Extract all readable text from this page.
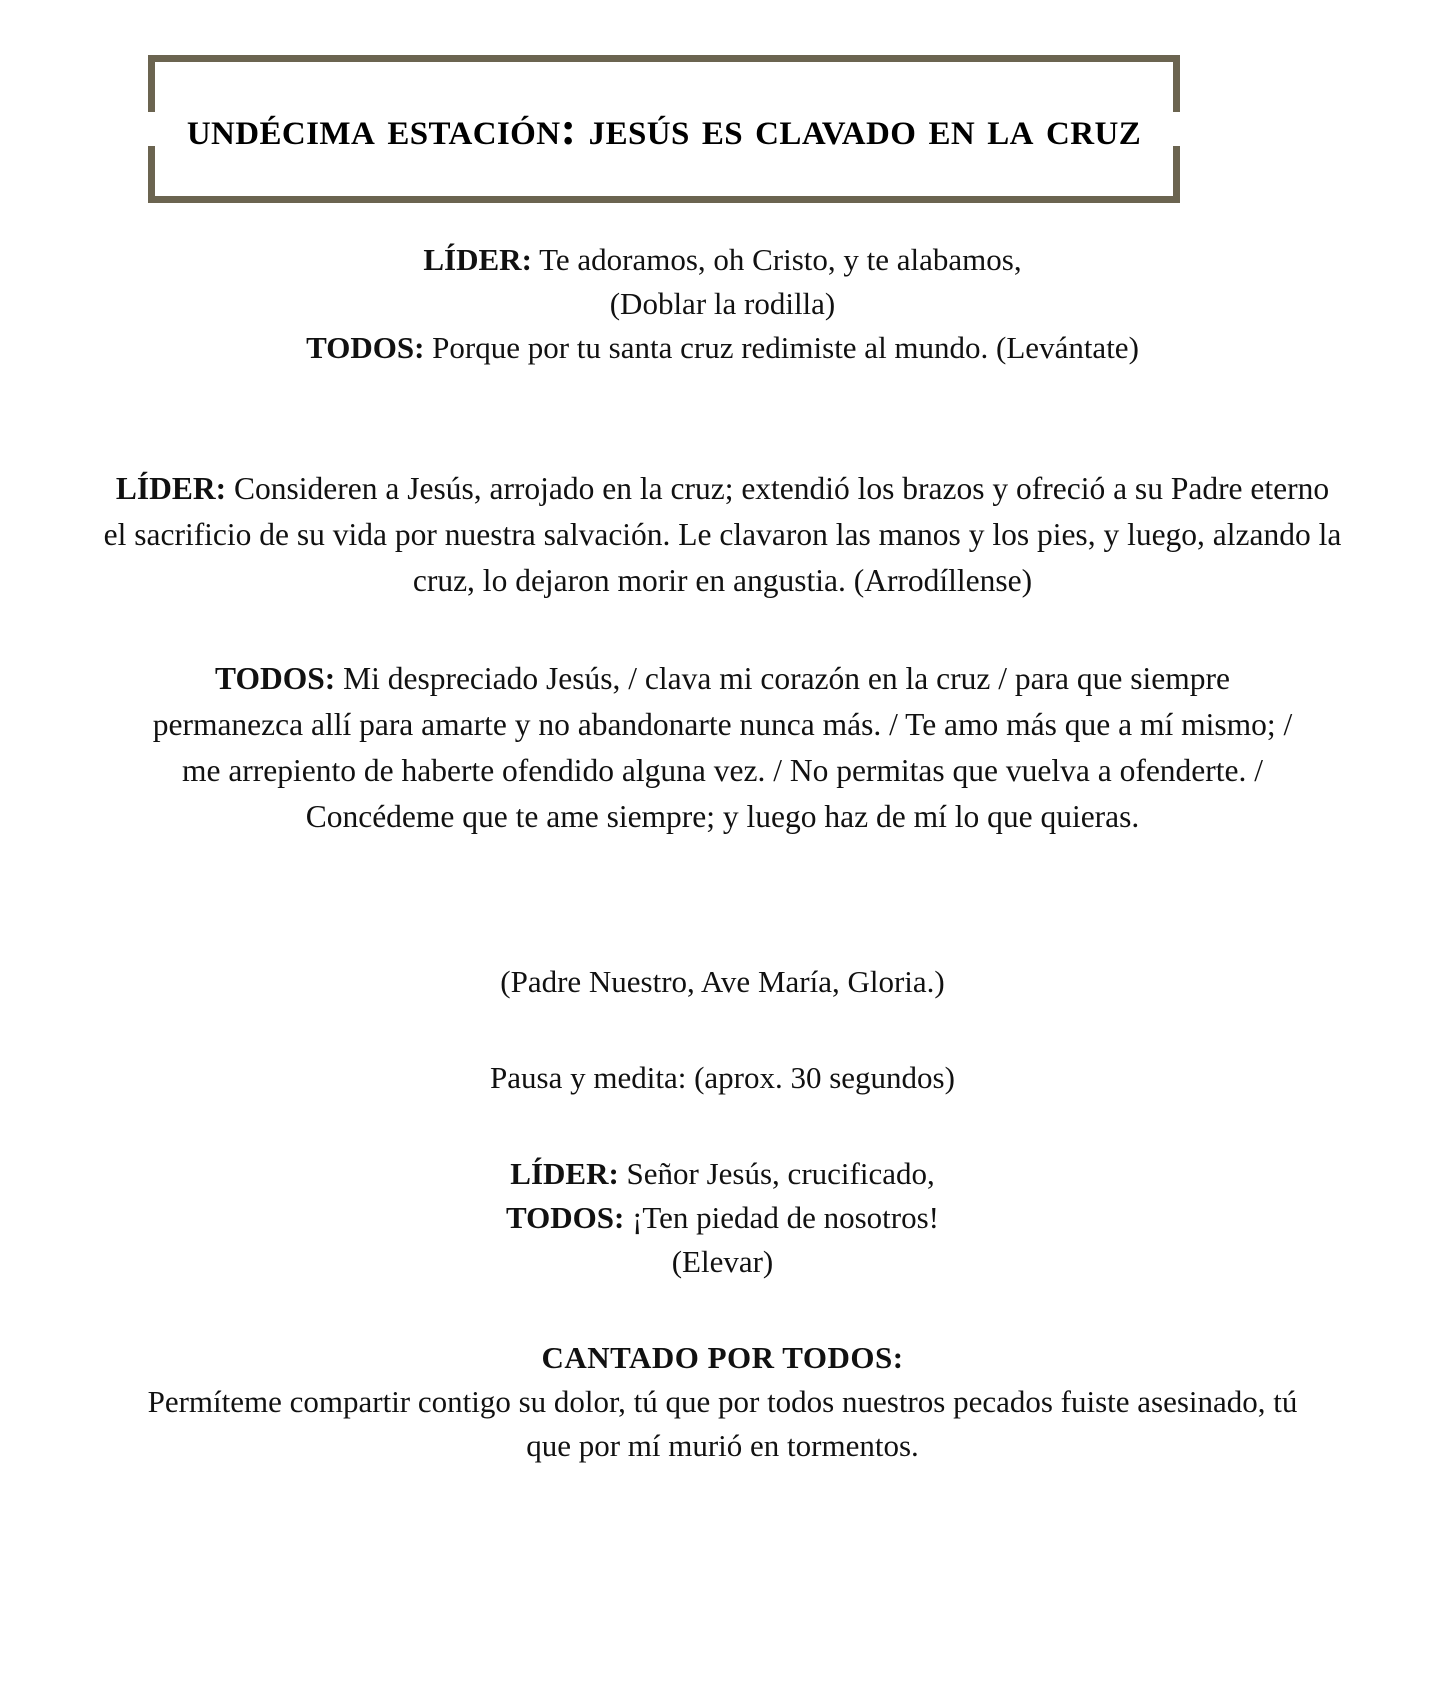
undécima estación: jesús es clavado en la cruz
LÍDER: Te adoramos, oh Cristo, y te alabamos,
(Doblar la rodilla)
TODOS: Porque por tu santa cruz redimiste al mundo. (Levántate)
LÍDER: Consideren a Jesús, arrojado en la cruz; extendió los brazos y ofreció a su Padre eterno el sacrificio de su vida por nuestra salvación. Le clavaron las manos y los pies, y luego, alzando la cruz, lo dejaron morir en angustia. (Arrodíllense)
TODOS: Mi despreciado Jesús, / clava mi corazón en la cruz / para que siempre permanezca allí para amarte y no abandonarte nunca más. / Te amo más que a mí mismo; / me arrepiento de haberte ofendido alguna vez. / No permitas que vuelva a ofenderte. / Concédeme que te ame siempre; y luego haz de mí lo que quieras.
(Padre Nuestro, Ave María, Gloria.)
Pausa y medita: (aprox. 30 segundos)
LÍDER: Señor Jesús, crucificado,
TODOS: ¡Ten piedad de nosotros!
(Elevar)
CANTADO POR TODOS:
Permíteme compartir contigo su dolor, tú que por todos nuestros pecados fuiste asesinado, tú que por mí murió en tormentos.
